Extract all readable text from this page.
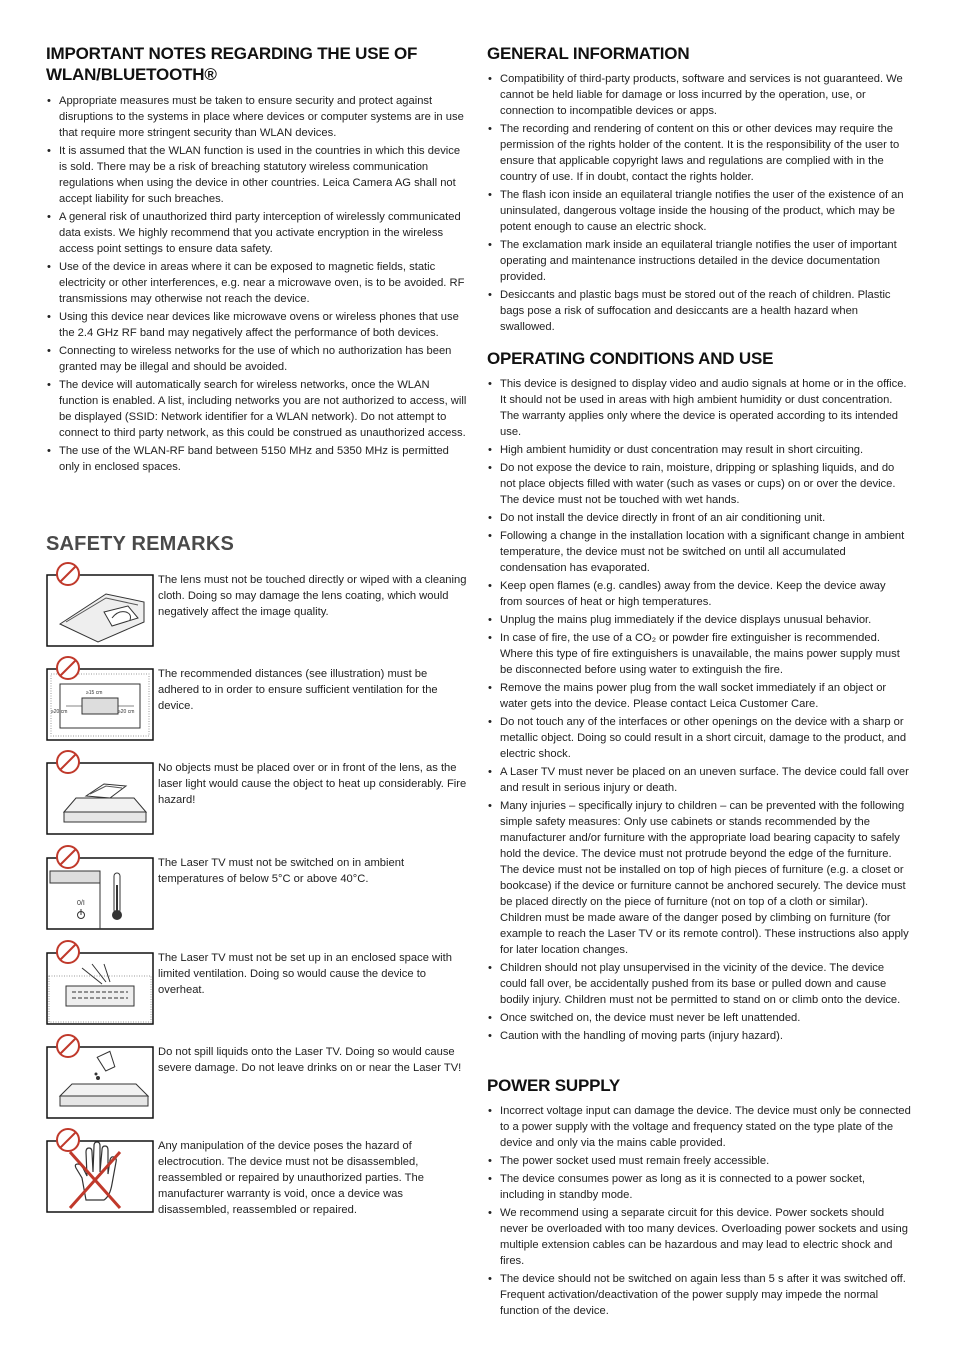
IMPORTANT NOTES REGARDING THE USE OF WLAN/BLUETOOTH®
• Appropriate measures must be taken to ensure security and protect against disruptions to the systems in place where devices or computer systems are in use that require more stringent security than WLAN devices.
• It is assumed that the WLAN function is used in the countries in which this device is sold. There may be a risk of breaching statutory wireless communication regulations when using the device in other countries. Leica Camera AG shall not accept liability for such breaches.
• A general risk of unauthorized third party interception of wirelessly communicated data exists. We highly recommend that you activate encryption in the wireless access point settings to ensure data safety.
• Use of the device in areas where it can be exposed to magnetic fields, static electricity or other interferences, e.g. near a microwave oven, is to be avoided. RF transmissions may otherwise not reach the device.
• Using this device near devices like microwave ovens or wireless phones that use the 2.4 GHz RF band may negatively affect the performance of both devices.
• Connecting to wireless networks for the use of which no authorization has been granted may be illegal and should be avoided.
• The device will automatically search for wireless networks, once the WLAN function is enabled. A list, including networks you are not authorized to access, will be displayed (SSID: Network identifier for a WLAN network). Do not attempt to connect to third party network, as this could be construed as unauthorized access.
• The use of the WLAN-RF band between 5150 MHz and 5350 MHz is permitted only in enclosed spaces.
SAFETY REMARKS
The lens must not be touched directly or wiped with a cleaning cloth. Doing so may damage the lens coating, which would negatively affect the image quality.
≥15 cm
≥20 cm	≥20 cm
The recommended distances (see illustration) must be adhered to in order to ensure sufficient ventilation for the device.
No objects must be placed over or in front of the lens, as the laser light would cause the object to heat up considerably. Fire hazard!
0/I
The Laser TV must not be switched on in ambient temperatures of below 5°C or above 40°C.
The Laser TV must not be set up in an enclosed space with limited ventilation. Doing so would cause the device to overheat.
Do not spill liquids onto the Laser TV. Doing so would cause severe damage. Do not leave drinks on or near the Laser TV!
Any manipulation of the device poses the hazard of electrocution. The device must not be disassembled, reassembled or repaired by unauthorized parties. The manufacturer warranty is void, once a device was disassembled, reassembled or repaired.
GENERAL INFORMATION
• Compatibility of third-party products, software and services is not guaranteed. We cannot be held liable for damage or loss incurred by the operation, use, or connection to incompatible devices or apps.
• The recording and rendering of content on this or other devices may require the permission of the rights holder of the content. It is the responsibility of the user to ensure that applicable copyright laws and regulations are complied with in the country of use. If in doubt, contact the rights holder.
• The flash icon inside an equilateral triangle notifies the user of the existence of an uninsulated, dangerous voltage inside the housing of the product, which may be potent enough to cause an electric shock.
• The exclamation mark inside an equilateral triangle notifies the user of important operating and maintenance instructions detailed in the device documentation provided.
• Desiccants and plastic bags must be stored out of the reach of children. Plastic bags pose a risk of suffocation and desiccants are a health hazard when swallowed.
OPERATING CONDITIONS AND USE
• This device is designed to display video and audio signals at home or in the office. It should not be used in areas with high ambient humidity or dust concentration. The warranty applies only where the device is operated according to its intended use.
• High ambient humidity or dust concentration may result in short circuiting.
• Do not expose the device to rain, moisture, dripping or splashing liquids, and do not place objects filled with water (such as vases or cups) on or over the device. The device must not be touched with wet hands.
• Do not install the device directly in front of an air conditioning unit.
• Following a change in the installation location with a significant change in ambient temperature, the device must not be switched on until all accumulated condensation has evaporated.
• Keep open flames (e.g. candles) away from the device. Keep the device away from sources of heat or high temperatures.
• Unplug the mains plug immediately if the device displays unusual behavior.
• In case of fire, the use of a CO₂ or powder fire extinguisher is recommended. Where this type of fire extinguishers is unavailable, the mains power supply must be disconnected before using water to extinguish the fire.
• Remove the mains power plug from the wall socket immediately if an object or water gets into the device. Please contact Leica Customer Care.
• Do not touch any of the interfaces or other openings on the device with a sharp or metallic object. Doing so could result in a short circuit, damage to the product, and electric shock.
• A Laser TV must never be placed on an uneven surface. The device could fall over and result in serious injury or death.
• Many injuries – specifically injury to children – can be prevented with the following simple safety measures: Only use cabinets or stands recommended by the manufacturer and/or furniture with the appropriate load bearing capacity to safely hold the device. The device must not protrude beyond the edge of the furniture. The device must not be installed on top of high pieces of furniture (e.g. a closet or bookcase) if the device or furniture cannot be anchored securely. The device must be placed directly on the piece of furniture (not on top of a cloth or similar). Children must be made aware of the danger posed by climbing on furniture (for example to reach the Laser TV or its remote control). These instructions also apply for later location changes.
• Children should not play unsupervised in the vicinity of the device. The device could fall over, be accidentally pushed from its base or pulled down and cause bodily injury. Children must not be permitted to stand on or climb onto the device.
• Once switched on, the device must never be left unattended.
• Caution with the handling of moving parts (injury hazard).
POWER SUPPLY
• Incorrect voltage input can damage the device. The device must only be connected to a power supply with the voltage and frequency stated on the type plate of the device and only via the mains cable provided.
• The power socket used must remain freely accessible.
• The device consumes power as long as it is connected to a power socket, including in standby mode.
• We recommend using a separate circuit for this device. Power sockets should never be overloaded with too many devices. Overloading power sockets and using multiple extension cables can be hazardous and may lead to electric shock and fires.
• The device should not be switched on again less than 5 s after it was switched off. Frequent activation/deactivation of the power supply may impede the normal function of the device.
